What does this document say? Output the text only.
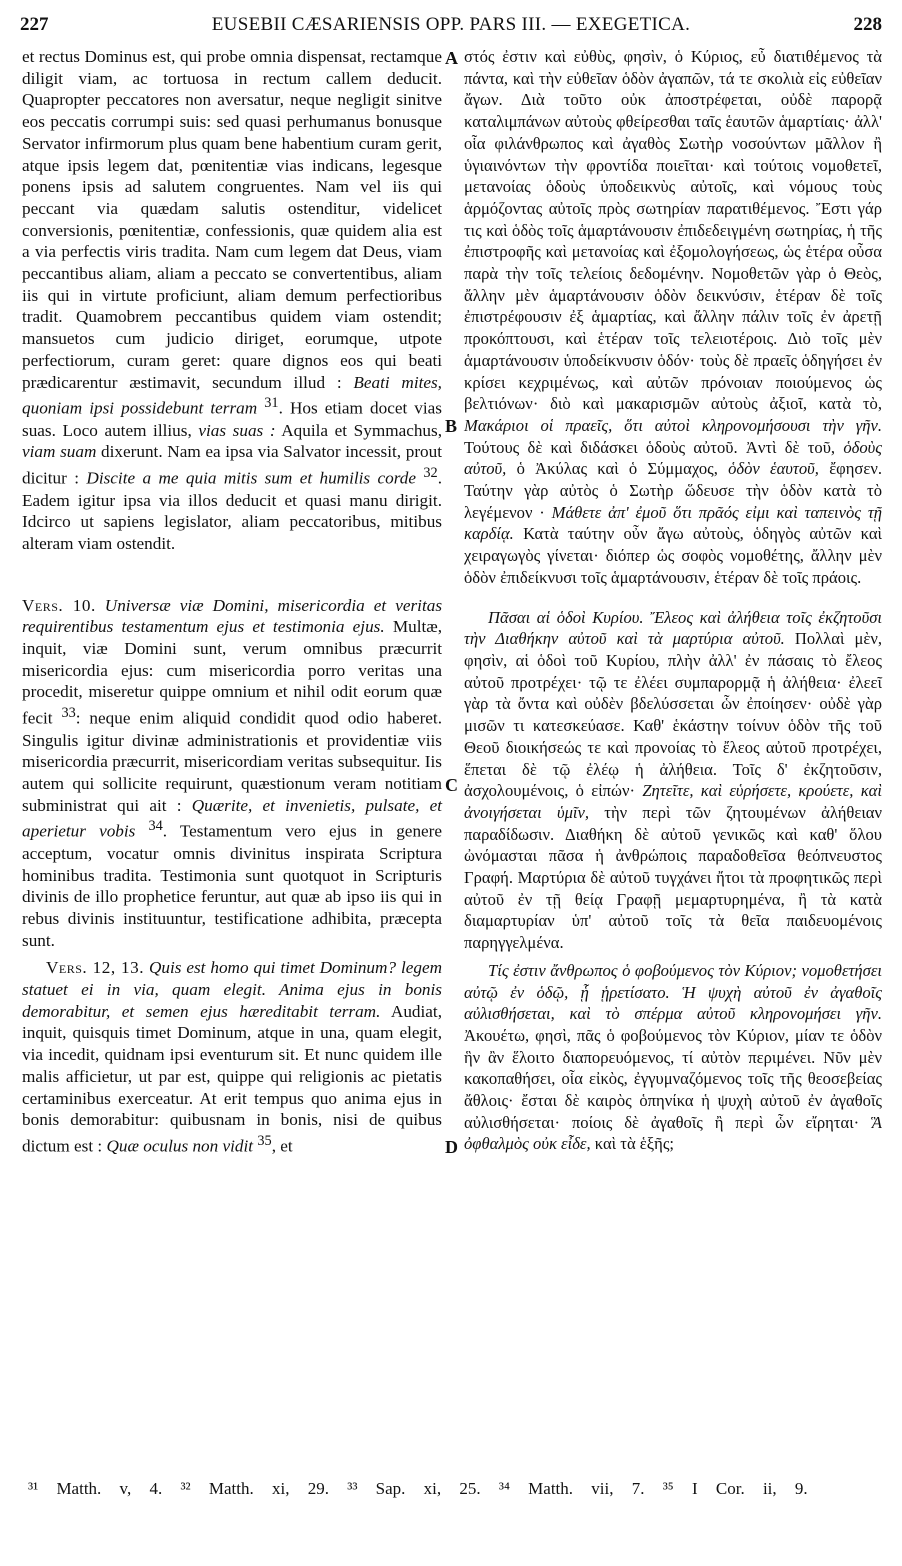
227	EUSEBII CÆSARIENSIS OPP. PARS III. — EXEGETICA.	228
A
B
C
D

et rectus Dominus est, qui probe omnia dispensat, rectamque diligit viam, ac tortuosa in rectum callem deducit. Quapropter peccatores non aversatur, neque negligit sinitve eos peccatis corrumpi suis: sed quasi perhumanus bonusque Servator infirmorum plus quam bene habentium curam gerit, atque ipsis legem dat, pœnitentiæ vias indicans, legesque ponens ipsis ad salutem congruentes. Nam vel iis qui peccant via quædam salutis ostenditur, videlicet conversionis, pœnitentiæ, confessionis, quæ quidem alia est a via perfectis viris tradita. Nam cum legem dat Deus, viam peccantibus aliam, aliam a peccato se convertentibus, aliam iis qui in virtute proficiunt, aliam demum perfectioribus tradit. Quamobrem peccantibus quidem viam ostendit; mansuetos cum judicio diriget, eorumque, utpote perfectiorum, curam geret: quare dignos eos qui beati prædicarentur æstimavit, secundum illud : Beati mites, quoniam ipsi possidebunt terram $^{31}$. Hos etiam docet vias suas. Loco autem illius, vias suas : Aquila et Symmachus, viam suam dixerunt. Nam ea ipsa via Salvator incessit, prout dicitur : Discite a me quia mitis sum et humilis corde $^{32}$. Eadem igitur ipsa via illos deducit et quasi manu dirigit. Idcirco ut sapiens legislator, aliam peccatoribus, mitibus alteram viam ostendit.

Vers. 10. Universæ viæ Domini, misericordia et veritas requirentibus testamentum ejus et testimonia ejus. Multæ, inquit, viæ Domini sunt, verum omnibus præcurrit misericordia ejus: cum misericordia porro veritas una procedit, miseretur quippe omnium et nihil odit eorum quæ fecit $^{33}$: neque enim aliquid condidit quod odio haberet. Singulis igitur divinæ administrationis et providentiæ viis misericordia præcurrit, misericordiam veritas subsequitur. Iis autem qui sollicite requirunt, quæstionum veram notitiam subministrat qui ait : Quærite, et invenietis, pulsate, et aperietur vobis $^{34}$. Testamentum vero ejus in genere acceptum, vocatur omnis divinitus inspirata Scriptura hominibus tradita. Testimonia sunt quotquot in Scripturis divinis de illo prophetice feruntur, aut quæ ab ipso iis qui in rebus divinis instituuntur, testificatione adhibita, præcepta sunt.

Vers. 12, 13. Quis est homo qui timet Dominum? legem statuet ei in via, quam elegit. Anima ejus in bonis demorabitur, et semen ejus hæreditabit terram. Audiat, inquit, quisquis timet Dominum, atque in una, quam elegit, via incedit, quidnam ipsi eventurum sit. Et nunc quidem ille malis afficietur, ut par est, quippe qui religionis ac pietatis certaminibus exerceatur. At erit tempus quo anima ejus in bonis demorabitur: quibusnam in bonis, nisi de quibus dictum est : Quæ oculus non vidit $^{35}$, et

στός ἐστιν καὶ εὐθὺς, φησὶν, ὁ Κύριος, εὖ διατιθέμενος τὰ πάντα, καὶ τὴν εὐθεῖαν ὁδὸν ἀγαπῶν, τά τε σκολιὰ εἰς εὐθεῖαν ἄγων. Διὰ τοῦτο οὐκ ἀποστρέφεται, οὐδὲ παρορᾷ καταλιμπάνων αὐτοὺς φθείρεσθαι ταῖς ἑαυτῶν ἁμαρτίαις· ἀλλ' οἷα φιλάνθρωπος καὶ ἀγαθὸς Σωτὴρ νοσούντων μᾶλλον ἢ ὑγιαινόντων τὴν φροντίδα ποιεῖται· καὶ τούτοις νομοθετεῖ, μετανοίας ὁδοὺς ὑποδεικνὺς αὐτοῖς, καὶ νόμους τοὺς ἁρμόζοντας αὐτοῖς πρὸς σωτηρίαν παρατιθέμενος. Ἔστι γάρ τις καὶ ὁδὸς τοῖς ἁμαρτάνουσιν ἐπιδεδειγμένη σωτηρίας, ἡ τῆς ἐπιστροφῆς καὶ μετανοίας καὶ ἐξομολογήσεως, ὡς ἑτέρα οὖσα παρὰ τὴν τοῖς τελείοις δεδομένην. Νομοθετῶν γὰρ ὁ Θεὸς, ἄλλην μὲν ἁμαρτάνουσιν ὁδὸν δεικνύσιν, ἑτέραν δὲ τοῖς ἐπιστρέφουσιν ἐξ ἁμαρτίας, καὶ ἄλλην πάλιν τοῖς ἐν ἀρετῇ προκόπτουσι, καὶ ἑτέραν τοῖς τελειοτέροις. Διὸ τοῖς μὲν ἁμαρτάνουσιν ὑποδείκνυσιν ὁδόν· τοὺς δὲ πραεῖς ὁδηγήσει ἐν κρίσει κεχριμένως, καὶ αὐτῶν πρόνοιαν ποιούμενος ὡς βελτιόνων· διὸ καὶ μακαρισμῶν αὐτοὺς ἀξιοῖ, κατὰ τὸ, Μακάριοι οἱ πραεῖς, ὅτι αὐτοὶ κληρονομήσουσι τὴν γῆν. Τούτους δὲ καὶ διδάσκει ὁδοὺς αὐτοῦ. Ἀντὶ δὲ τοῦ, ὁδοὺς αὐτοῦ, ὁ Ἀκύλας καὶ ὁ Σύμμαχος, ὁδὸν ἑαυτοῦ, ἔφησεν. Ταύτην γὰρ αὐτὸς ὁ Σωτὴρ ὥδευσε τὴν ὁδὸν κατὰ τὸ λεγέμενον · Μάθετε ἀπ' ἐμοῦ ὅτι πρᾶός εἰμι καὶ ταπεινὸς τῇ καρδίᾳ. Κατὰ ταύτην οὖν ἄγω αὐτοὺς, ὁδηγὸς αὐτῶν καὶ χειραγωγὸς γίνεται· διόπερ ὡς σοφὸς νομοθέτης, ἄλλην μὲν ὁδὸν ἐπιδείκνυσι τοῖς ἁμαρτάνουσιν, ἑτέραν δὲ τοῖς πράοις.

Πᾶσαι αἱ ὁδοὶ Κυρίου. Ἔλεος καὶ ἀλήθεια τοῖς ἐκζητοῦσι τὴν Διαθήκην αὐτοῦ καὶ τὰ μαρτύρια αὐτοῦ. Πολλαὶ μὲν, φησὶν, αἱ ὁδοὶ τοῦ Κυρίου, πλὴν ἀλλ' ἐν πάσαις τὸ ἔλεος αὐτοῦ προτρέχει· τῷ τε ἐλέει συμπαρορμᾷ ἡ ἀλήθεια· ἐλεεῖ γὰρ τὰ ὄντα καὶ οὐδὲν βδελύσσεται ὧν ἐποίησεν· οὐδὲ γὰρ μισῶν τι κατεσκεύασε. Καθ' ἑκάστην τοίνυν ὁδὸν τῆς τοῦ Θεοῦ διοικήσεώς τε καὶ προνοίας τὸ ἔλεος αὐτοῦ προτρέχει, ἕπεται δὲ τῷ ἐλέῳ ἡ ἀλήθεια. Τοῖς δ' ἐκζητοῦσιν, ἀσχολουμένοις, ὁ εἰπών· Ζητεῖτε, καὶ εὑρήσετε, κρούετε, καὶ ἀνοιγήσεται ὑμῖν, τὴν περὶ τῶν ζητουμένων ἀλήθειαν παραδίδωσιν. Διαθήκη δὲ αὐτοῦ γενικῶς καὶ καθ' ὅλου ὠνόμασται πᾶσα ἡ ἀνθρώποις παραδοθεῖσα θεόπνευστος Γραφή. Μαρτύρια δὲ αὐτοῦ τυγχάνει ἤτοι τὰ προφητικῶς περὶ αὐτοῦ ἐν τῇ θείᾳ Γραφῇ μεμαρτυρημένα, ἢ τὰ κατὰ διαμαρτυρίαν ὑπ' αὐτοῦ τοῖς τὰ θεῖα παιδευομένοις παρηγγελμένα.

Τίς ἐστιν ἄνθρωπος ὁ φοβούμενος τὸν Κύριον; νομοθετήσει αὐτῷ ἐν ὁδῷ, ᾗ ᾑρετίσατο. Ἡ ψυχὴ αὐτοῦ ἐν ἀγαθοῖς αὐλισθήσεται, καὶ τὸ σπέρμα αὐτοῦ κληρονομήσει γῆν. Ἀκουέτω, φησὶ, πᾶς ὁ φοβούμενος τὸν Κύριον, μίαν τε ὁδὸν ἣν ἂν ἕλοιτο διαπορευόμενος, τί αὐτὸν περιμένει. Νῦν μὲν κακοπαθήσει, οἷα εἰκὸς, ἐγγυμναζόμενος τοῖς τῆς θεοσεβείας ἄθλοις· ἔσται δὲ καιρὸς ὁπηνίκα ἡ ψυχὴ αὐτοῦ ἐν ἀγαθοῖς αὐλισθήσεται· ποίοις δὲ ἀγαθοῖς ἢ περὶ ὧν εἴρηται· Ἃ ὀφθαλμὸς οὐκ εἶδε, καὶ τὰ ἑξῆς;

³¹ Matth. v, 4. ³² Matth. xi, 29. ³³ Sap. xi, 25. ³⁴ Matth. vii, 7. ³⁵ I Cor. ii, 9.
